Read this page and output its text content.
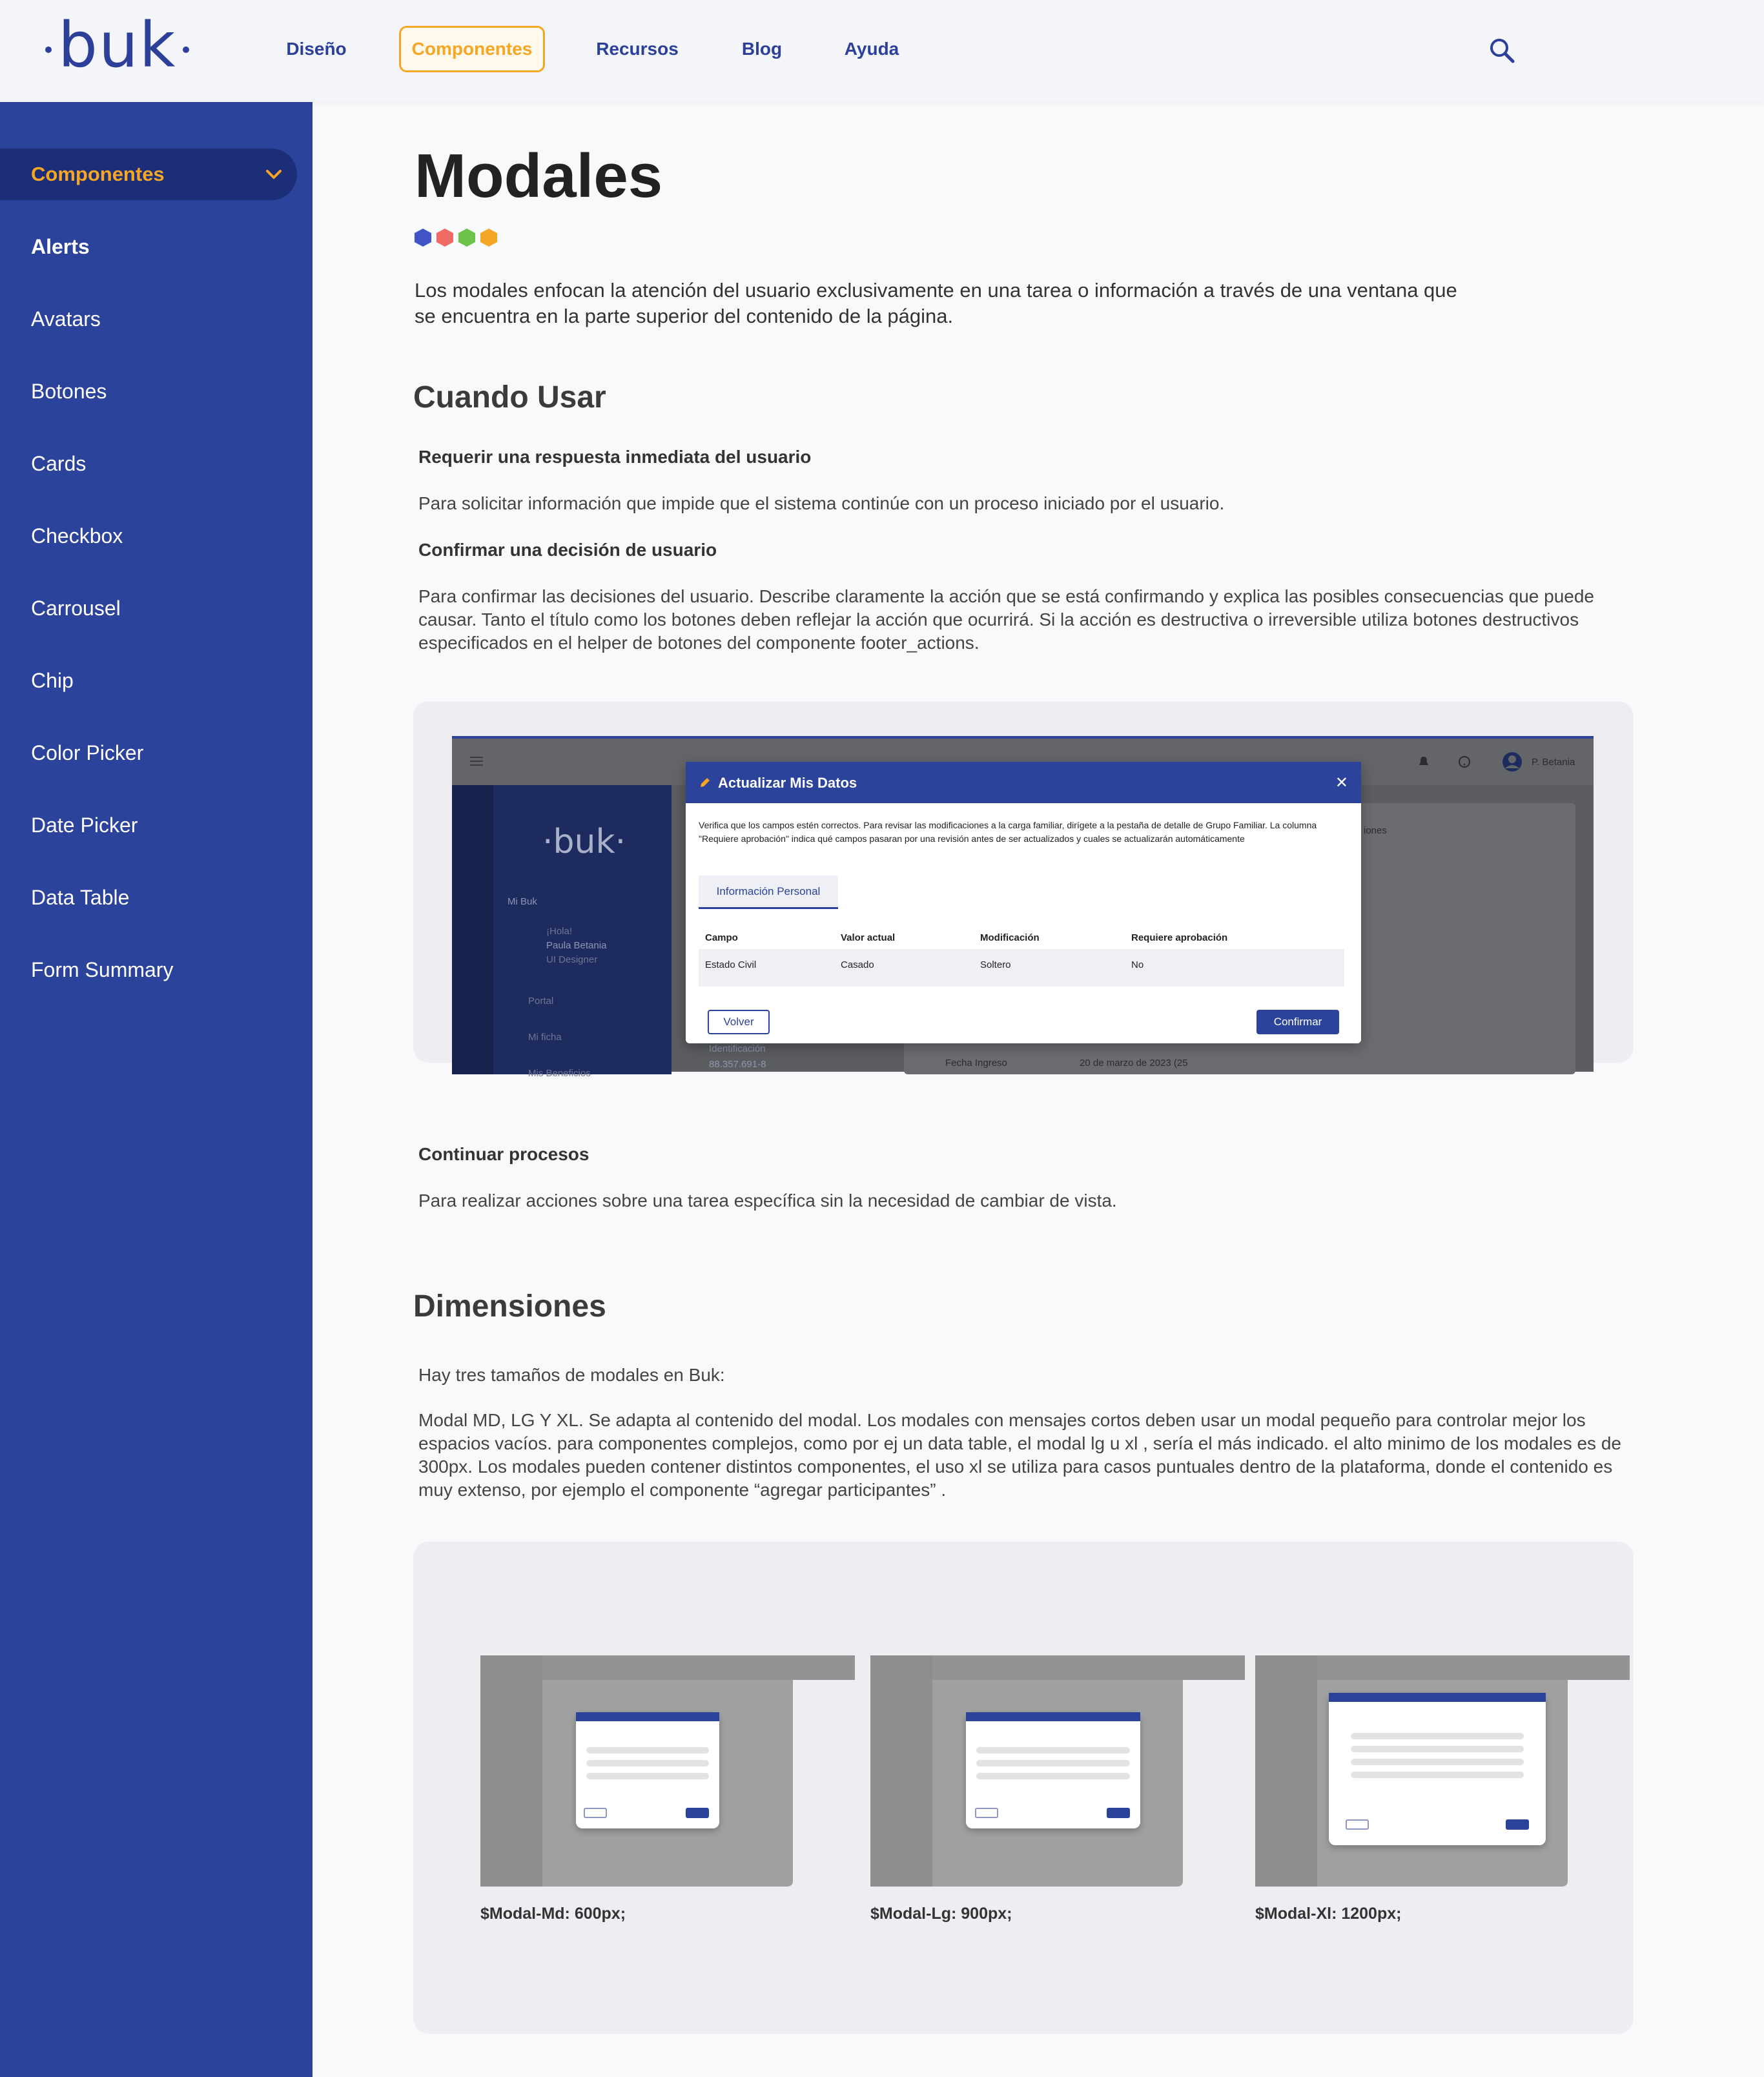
buk	Diseño	Componentes	Recursos	Blog	Ayuda
Componentes
Alerts
Avatars
Botones
Cards
Checkbox
Carrousel
Chip
Color Picker
Date Picker
Data Table
Form Summary
Modales

Los modales enfocan la atención del usuario exclusivamente en una tarea o información a través de una ventana que se encuentra en la parte superior del contenido de la página.

Cuando Usar
Requerir una respuesta inmediata del usuario

Para solicitar información que impide que el sistema continúe con un proceso iniciado por el usuario.

Confirmar una decisión de usuario

Para confirmar las decisiones del usuario. Describe claramente la acción que se está confirmando y explica las posibles consecuencias que puede causar. Tanto el título como los botones deben reflejar la acción que ocurrirá. Si la acción es destructiva o irreversible utiliza botones destructivos especificados en el helper de botones del componente footer_actions.

P. Betania
·buk·
Mi Buk
¡Hola!
Paula Betania
UI Designer
Portal
Mi ficha
Mis Beneficios
Identificación
88.357.691-8	Fecha Ingreso	20 de marzo de 2023 (25
iones
Actualizar Mis Datos	✕
Verifica que los campos estén correctos. Para revisar las modificaciones a la carga familiar, dirígete a la pestaña de detalle de Grupo Familiar. La columna "Requiere aprobación" indica qué campos pasaran por una revisión antes de ser actualizados y cuales se actualizarán automáticamente
Información Personal
Campo	Valor actual	Modificación	Requiere aprobación
Estado Civil	Casado	Soltero	No
Volver	Confirmar
Continuar procesos

Para realizar acciones sobre una tarea específica sin la necesidad de cambiar de vista.

Dimensiones

Hay tres tamaños de modales en Buk:

Modal MD, LG Y XL. Se adapta al contenido del modal. Los modales con mensajes cortos deben usar un modal pequeño para controlar mejor los espacios vacíos. para componentes complejos, como por ej un data table, el modal lg u xl , sería el más indicado. el alto minimo de los modales es de 300px. Los modales pueden contener distintos componentes, el uso xl se utiliza para casos puntuales dentro de la plataforma, donde el contenido es muy extenso, por ejemplo el componente “agregar participantes” .

$Modal-Md: 600px;	$Modal-Lg: 900px;	$Modal-Xl: 1200px;
